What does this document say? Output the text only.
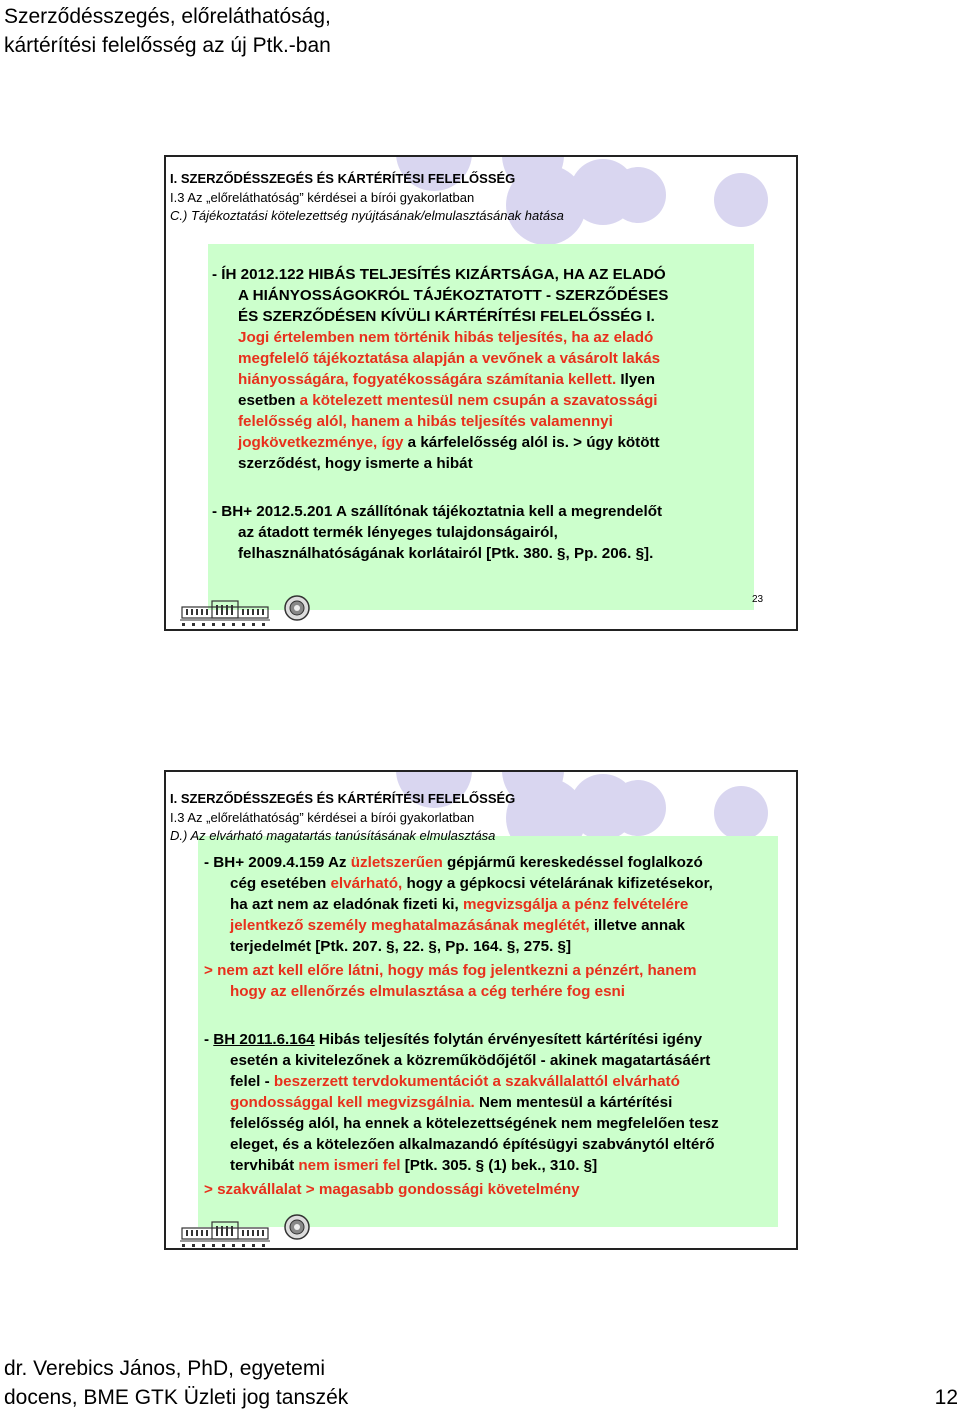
Szerződésszegés, előreláthatóság,
kártérítési felelősség az új Ptk.-ban
I. SZERZŐDÉSSZEGÉS ÉS KÁRTÉRÍTÉSI FELELŐSSÉG
I.3 Az „előreláthatóság” kérdései a bírói gyakorlatban
C.) Tájékoztatási kötelezettség nyújtásának/elmulasztásának hatása
- ÍH 2012.122 HIBÁS TELJESÍTÉS KIZÁRTSÁGA, HA AZ ELADÓ
A HIÁNYOSSÁGOKRÓL TÁJÉKOZTATOTT - SZERZŐDÉSES
ÉS SZERZŐDÉSEN KÍVÜLI KÁRTÉRÍTÉSI FELELŐSSÉG I.
Jogi értelemben nem történik hibás teljesítés, ha az eladó
megfelelő tájékoztatása alapján a vevőnek a vásárolt lakás
hiányosságára, fogyatékosságára számítania kellett. Ilyen
esetben a kötelezett mentesül nem csupán a szavatossági
felelősség alól, hanem a hibás teljesítés valamennyi
jogkövetkezménye, így a kárfelelősség alól is. > úgy kötött
szerződést, hogy ismerte a hibát
- BH+ 2012.5.201 A szállítónak tájékoztatnia kell a megrendelőt
az átadott termék lényeges tulajdonságairól,
felhasználhatóságának korlátairól [Ptk. 380. §, Pp. 206. §].
23
I. SZERZŐDÉSSZEGÉS ÉS KÁRTÉRÍTÉSI FELELŐSSÉG
I.3 Az „előreláthatóság” kérdései a bírói gyakorlatban
D.) Az elvárható magatartás tanúsításának elmulasztása
- BH+ 2009.4.159 Az üzletszerűen gépjármű kereskedéssel foglalkozó
cég esetében elvárható, hogy a gépkocsi vételárának kifizetésekor,
ha azt nem az eladónak fizeti ki, megvizsgálja a pénz felvételére
jelentkező személy meghatalmazásának meglétét, illetve annak
terjedelmét [Ptk. 207. §, 22. §, Pp. 164. §, 275. §]
> nem azt kell előre látni, hogy más fog jelentkezni a pénzért, hanem
hogy az ellenőrzés elmulasztása a cég terhére fog esni
- BH 2011.6.164 Hibás teljesítés folytán érvényesített kártérítési igény
esetén a kivitelezőnek a közreműködőjétől - akinek magatartásáért
felel - beszerzett tervdokumentációt a szakvállalattól elvárható
gondossággal kell megvizsgálnia. Nem mentesül a kártérítési
felelősség alól, ha ennek a kötelezettségének nem megfelelően tesz
eleget, és a kötelezően alkalmazandó építésügyi szabványtól eltérő
tervhibát nem ismeri fel [Ptk. 305. § (1) bek., 310. §]
> szakvállalat > magasabb gondossági követelmény
dr. Verebics János, PhD, egyetemi
docens, BME GTK Üzleti jog tanszék	12
